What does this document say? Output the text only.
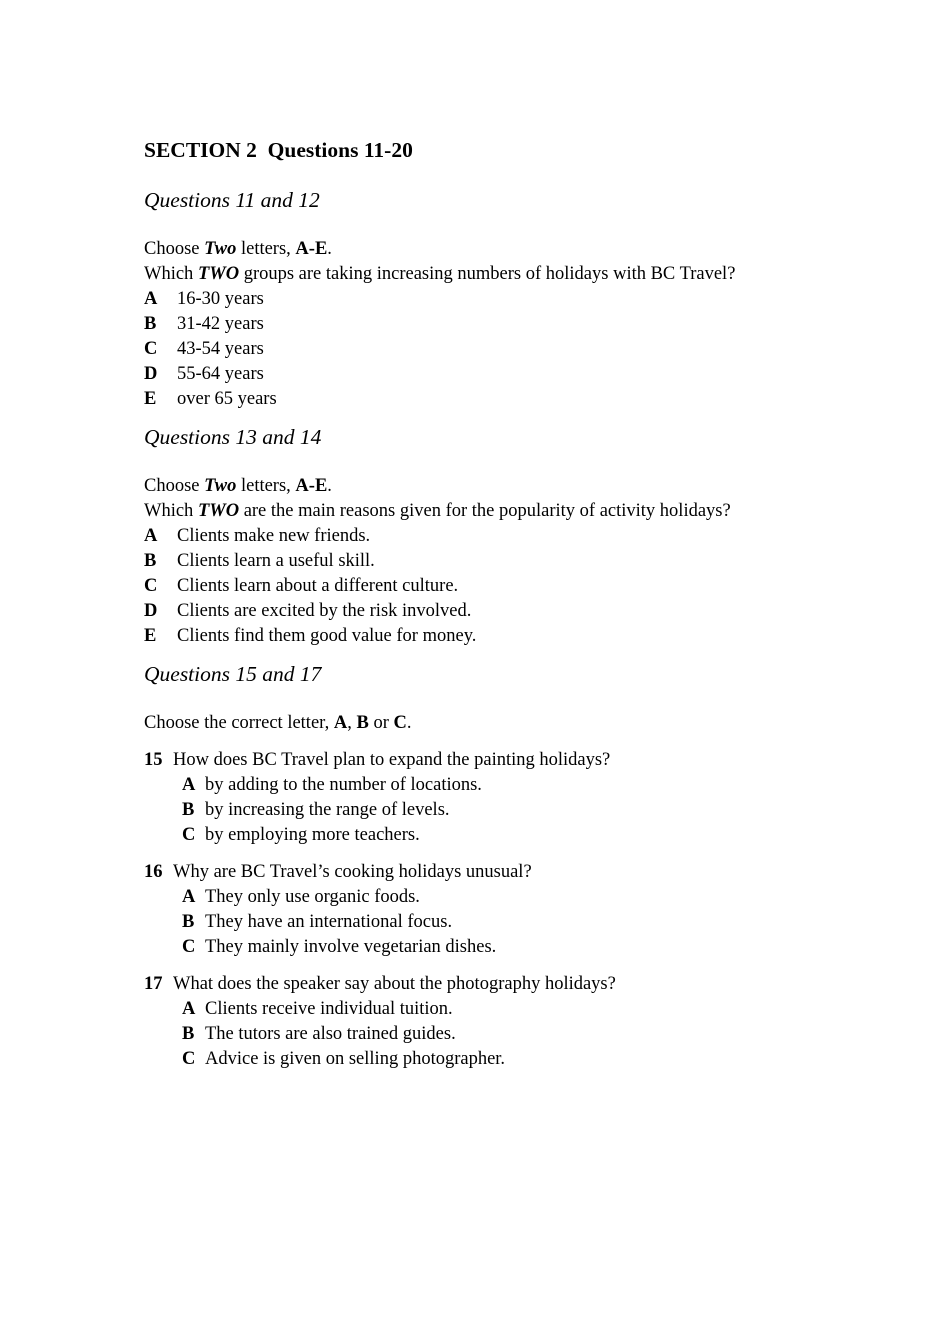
SECTION 2 Questions 11-20
Questions 11 and 12
Choose Two letters, A-E.
Which TWO groups are taking increasing numbers of holidays with BC Travel?
A 16-30 years
B 31-42 years
C 43-54 years
D 55-64 years
E over 65 years
Questions 13 and 14
Choose Two letters, A-E.
Which TWO are the main reasons given for the popularity of activity holidays?
A Clients make new friends.
B Clients learn a useful skill.
C Clients learn about a different culture.
D Clients are excited by the risk involved.
E Clients find them good value for money.
Questions 15 and 17
Choose the correct letter, A, B or C.
15 How does BC Travel plan to expand the painting holidays?
A by adding to the number of locations.
B by increasing the range of levels.
C by employing more teachers.
16 Why are BC Travel’s cooking holidays unusual?
A They only use organic foods.
B They have an international focus.
C They mainly involve vegetarian dishes.
17 What does the speaker say about the photography holidays?
A Clients receive individual tuition.
B The tutors are also trained guides.
C Advice is given on selling photographer.
